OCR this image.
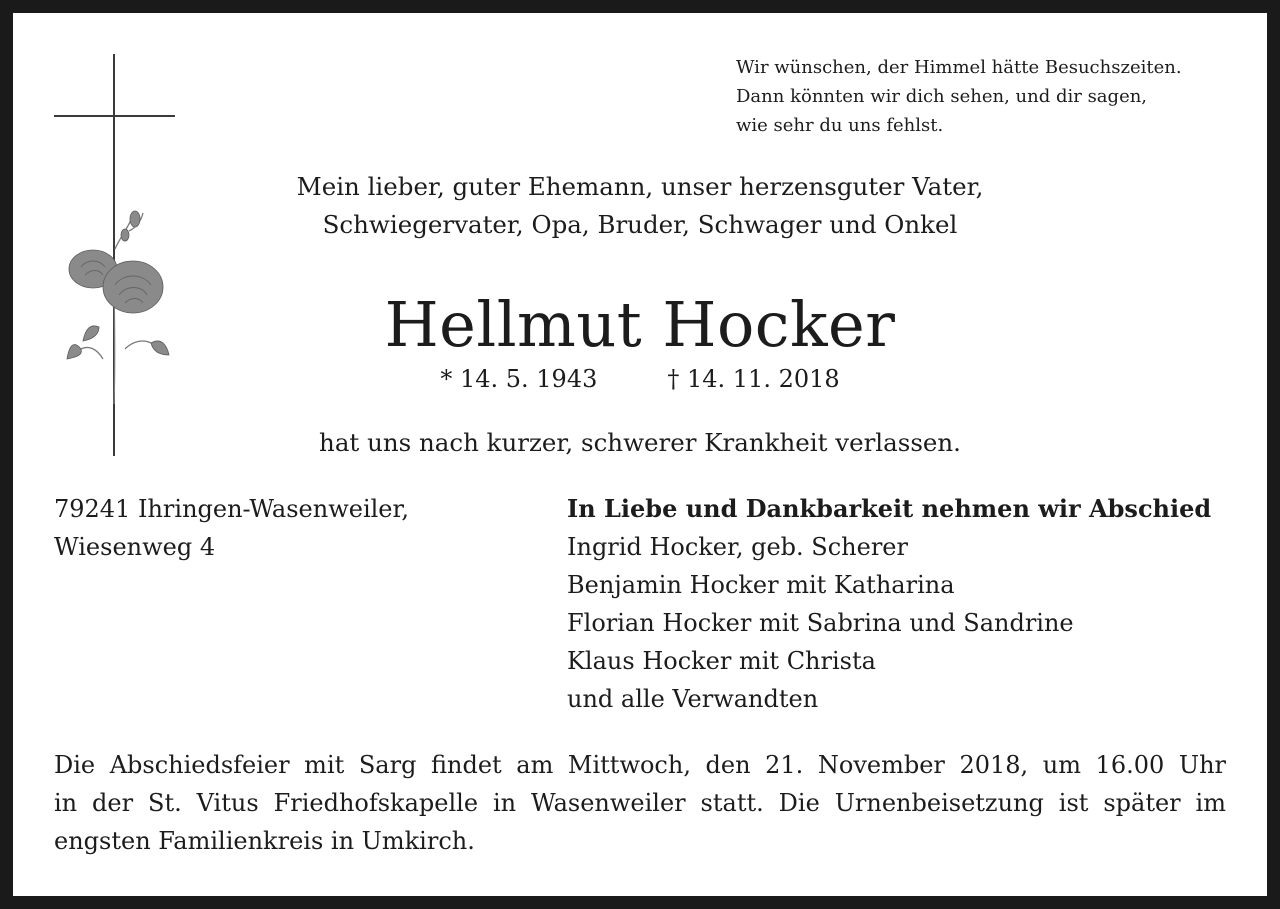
Wir wünschen, der Himmel hätte Besuchszeiten.
Dann könnten wir dich sehen, und dir sagen,
wie sehr du uns fehlst.
Mein lieber, guter Ehemann, unser herzensguter Vater,
Schwiegervater, Opa, Bruder, Schwager und Onkel
Hellmut Hocker
* 14. 5. 1943	† 14. 11. 2018
hat uns nach kurzer, schwerer Krankheit verlassen.
79241 Ihringen-Wasenweiler,
Wiesenweg 4
In Liebe und Dankbarkeit nehmen wir Abschied
Ingrid Hocker, geb. Scherer
Benjamin Hocker mit Katharina
Florian Hocker mit Sabrina und Sandrine
Klaus Hocker mit Christa
und alle Verwandten
Die Abschiedsfeier mit Sarg findet am Mittwoch, den 21. November 2018, um 16.00 Uhr
in der St. Vitus Friedhofskapelle in Wasenweiler statt. Die Urnenbeisetzung ist später im
engsten Familienkreis in Umkirch.
